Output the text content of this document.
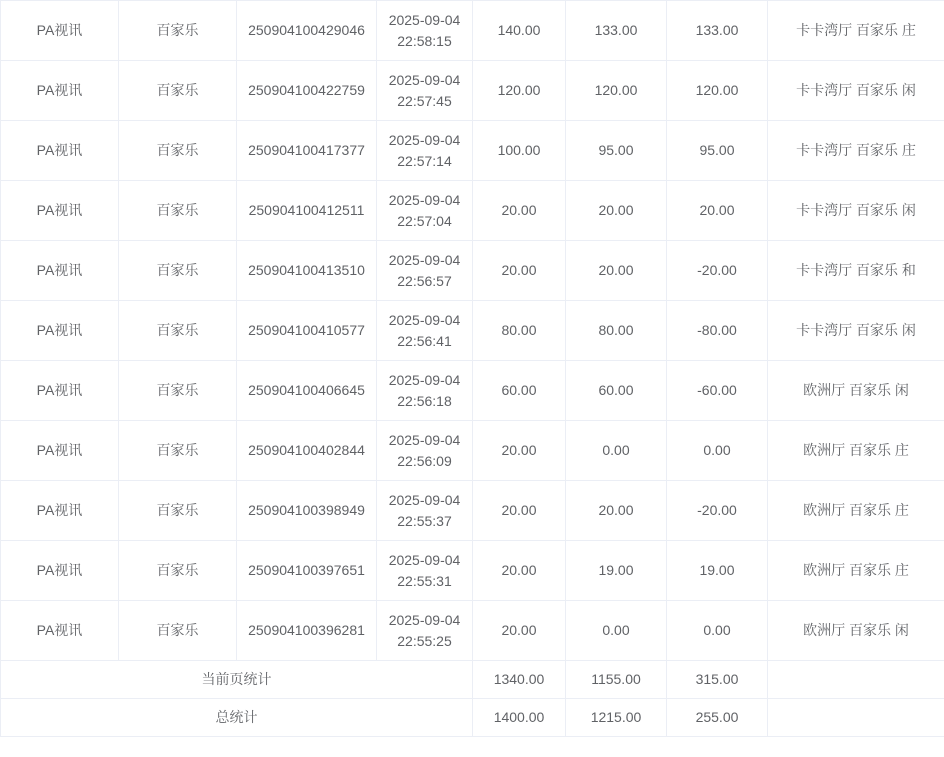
PA视讯	百家乐	250904100429046	2025-09-04 22:58:15	140.00	133.00	133.00	卡卡湾厅 百家乐 庄
PA视讯	百家乐	250904100422759	2025-09-04 22:57:45	120.00	120.00	120.00	卡卡湾厅 百家乐 闲
PA视讯	百家乐	250904100417377	2025-09-04 22:57:14	100.00	95.00	95.00	卡卡湾厅 百家乐 庄
PA视讯	百家乐	250904100412511	2025-09-04 22:57:04	20.00	20.00	20.00	卡卡湾厅 百家乐 闲
PA视讯	百家乐	250904100413510	2025-09-04 22:56:57	20.00	20.00	-20.00	卡卡湾厅 百家乐 和
PA视讯	百家乐	250904100410577	2025-09-04 22:56:41	80.00	80.00	-80.00	卡卡湾厅 百家乐 闲
PA视讯	百家乐	250904100406645	2025-09-04 22:56:18	60.00	60.00	-60.00	欧洲厅 百家乐 闲
PA视讯	百家乐	250904100402844	2025-09-04 22:56:09	20.00	0.00	0.00	欧洲厅 百家乐 庄
PA视讯	百家乐	250904100398949	2025-09-04 22:55:37	20.00	20.00	-20.00	欧洲厅 百家乐 庄
PA视讯	百家乐	250904100397651	2025-09-04 22:55:31	20.00	19.00	19.00	欧洲厅 百家乐 庄
PA视讯	百家乐	250904100396281	2025-09-04 22:55:25	20.00	0.00	0.00	欧洲厅 百家乐 闲
当前页统计				1340.00	1155.00	315.00	
总统计				1400.00	1215.00	255.00	
